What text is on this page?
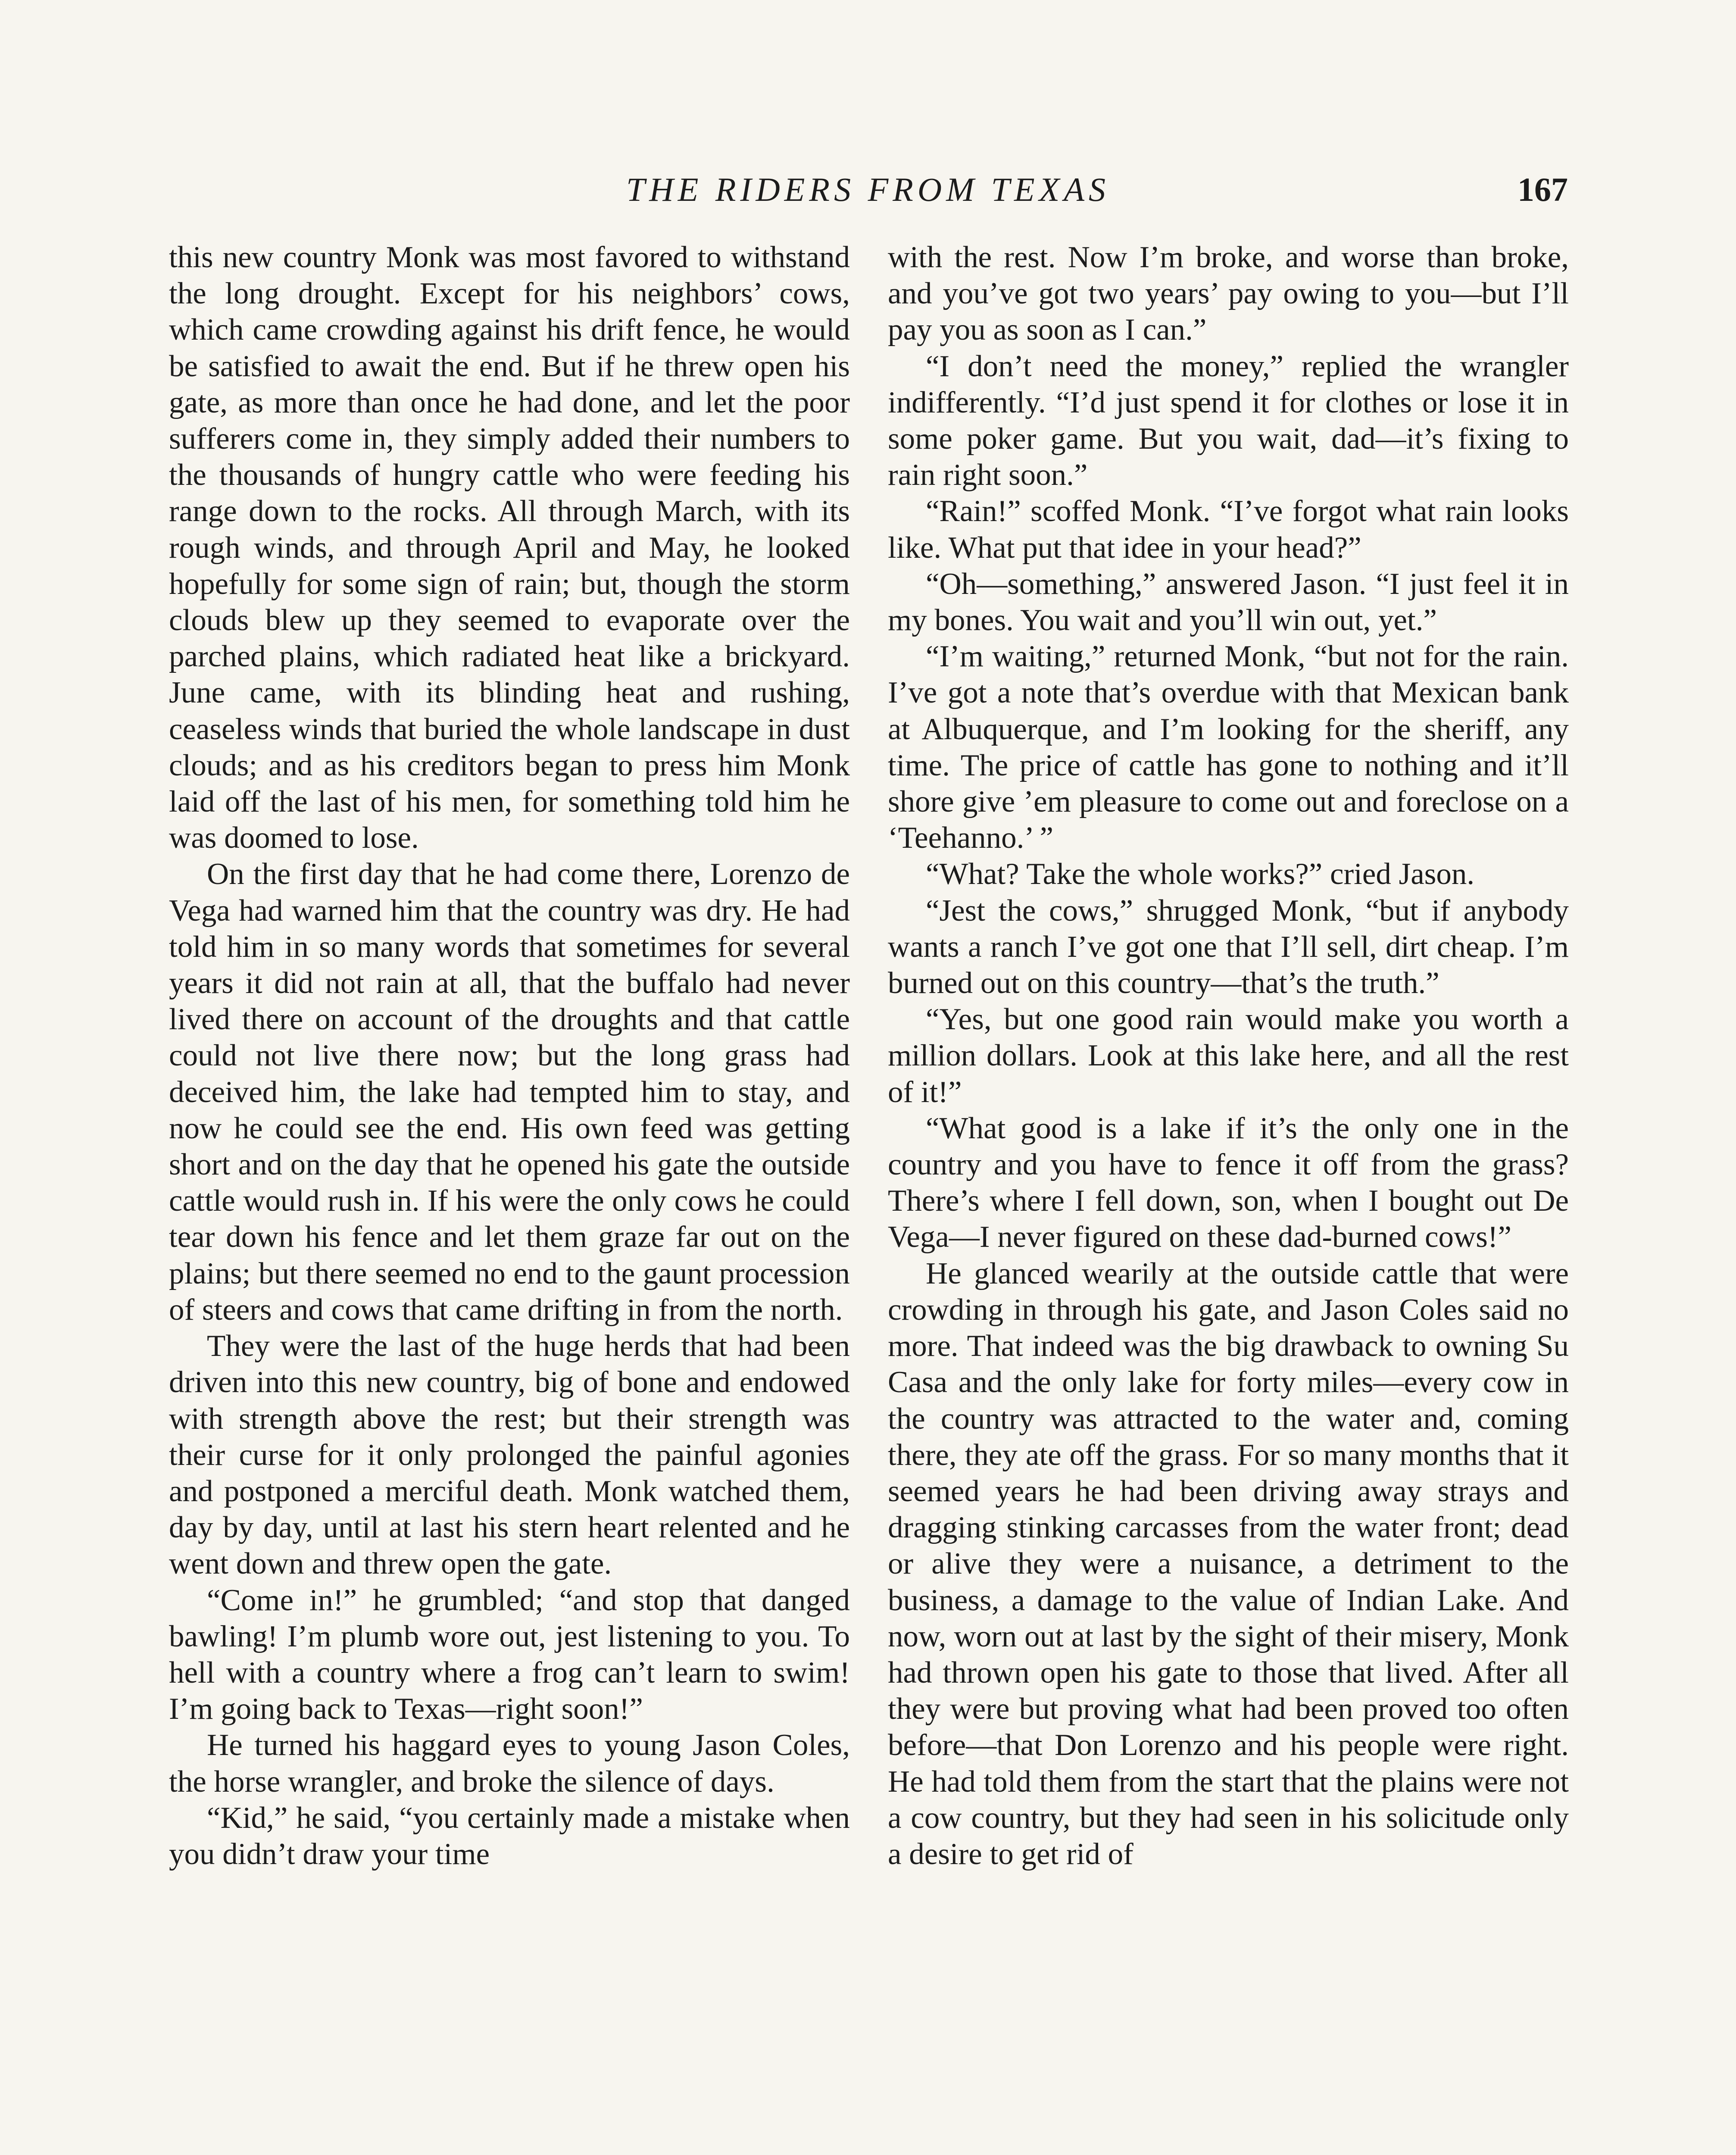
THE RIDERS FROM TEXAS	167

this new country Monk was most favored to withstand the long drought. Except for his neighbors’ cows, which came crowding against his drift fence, he would be satisfied to await the end. But if he threw open his gate, as more than once he had done, and let the poor sufferers come in, they simply added their numbers to the thousands of hungry cattle who were feeding his range down to the rocks. All through March, with its rough winds, and through April and May, he looked hopefully for some sign of rain; but, though the storm clouds blew up they seemed to evaporate over the parched plains, which radiated heat like a brickyard. June came, with its blinding heat and rushing, ceaseless winds that buried the whole landscape in dust clouds; and as his creditors began to press him Monk laid off the last of his men, for something told him he was doomed to lose.

On the first day that he had come there, Lorenzo de Vega had warned him that the country was dry. He had told him in so many words that sometimes for several years it did not rain at all, that the buffalo had never lived there on account of the droughts and that cattle could not live there now; but the long grass had deceived him, the lake had tempted him to stay, and now he could see the end. His own feed was getting short and on the day that he opened his gate the outside cattle would rush in. If his were the only cows he could tear down his fence and let them graze far out on the plains; but there seemed no end to the gaunt procession of steers and cows that came drifting in from the north.

They were the last of the huge herds that had been driven into this new country, big of bone and endowed with strength above the rest; but their strength was their curse for it only prolonged the painful agonies and postponed a merciful death. Monk watched them, day by day, until at last his stern heart relented and he went down and threw open the gate.

“Come in!” he grumbled; “and stop that danged bawling! I’m plumb wore out, jest listening to you. To hell with a country where a frog can’t learn to swim! I’m going back to Texas—right soon!”

He turned his haggard eyes to young Jason Coles, the horse wrangler, and broke the silence of days.

“Kid,” he said, “you certainly made a mistake when you didn’t draw your time

with the rest. Now I’m broke, and worse than broke, and you’ve got two years’ pay owing to you—but I’ll pay you as soon as I can.”

“I don’t need the money,” replied the wrangler indifferently. “I’d just spend it for clothes or lose it in some poker game. But you wait, dad—it’s fixing to rain right soon.”

“Rain!” scoffed Monk. “I’ve forgot what rain looks like. What put that idee in your head?”

“Oh—something,” answered Jason. “I just feel it in my bones. You wait and you’ll win out, yet.”

“I’m waiting,” returned Monk, “but not for the rain. I’ve got a note that’s overdue with that Mexican bank at Albuquerque, and I’m looking for the sheriff, any time. The price of cattle has gone to nothing and it’ll shore give ’em pleasure to come out and foreclose on a ‘Teehanno.’ ”

“What? Take the whole works?” cried Jason.

“Jest the cows,” shrugged Monk, “but if anybody wants a ranch I’ve got one that I’ll sell, dirt cheap. I’m burned out on this country—that’s the truth.”

“Yes, but one good rain would make you worth a million dollars. Look at this lake here, and all the rest of it!”

“What good is a lake if it’s the only one in the country and you have to fence it off from the grass? There’s where I fell down, son, when I bought out De Vega—I never figured on these dad-burned cows!”

He glanced wearily at the outside cattle that were crowding in through his gate, and Jason Coles said no more. That indeed was the big drawback to owning Su Casa and the only lake for forty miles—every cow in the country was attracted to the water and, coming there, they ate off the grass. For so many months that it seemed years he had been driving away strays and dragging stinking carcasses from the water front; dead or alive they were a nuisance, a detriment to the business, a damage to the value of Indian Lake. And now, worn out at last by the sight of their misery, Monk had thrown open his gate to those that lived. After all they were but proving what had been proved too often before—that Don Lorenzo and his people were right. He had told them from the start that the plains were not a cow country, but they had seen in his solicitude only a desire to get rid of
